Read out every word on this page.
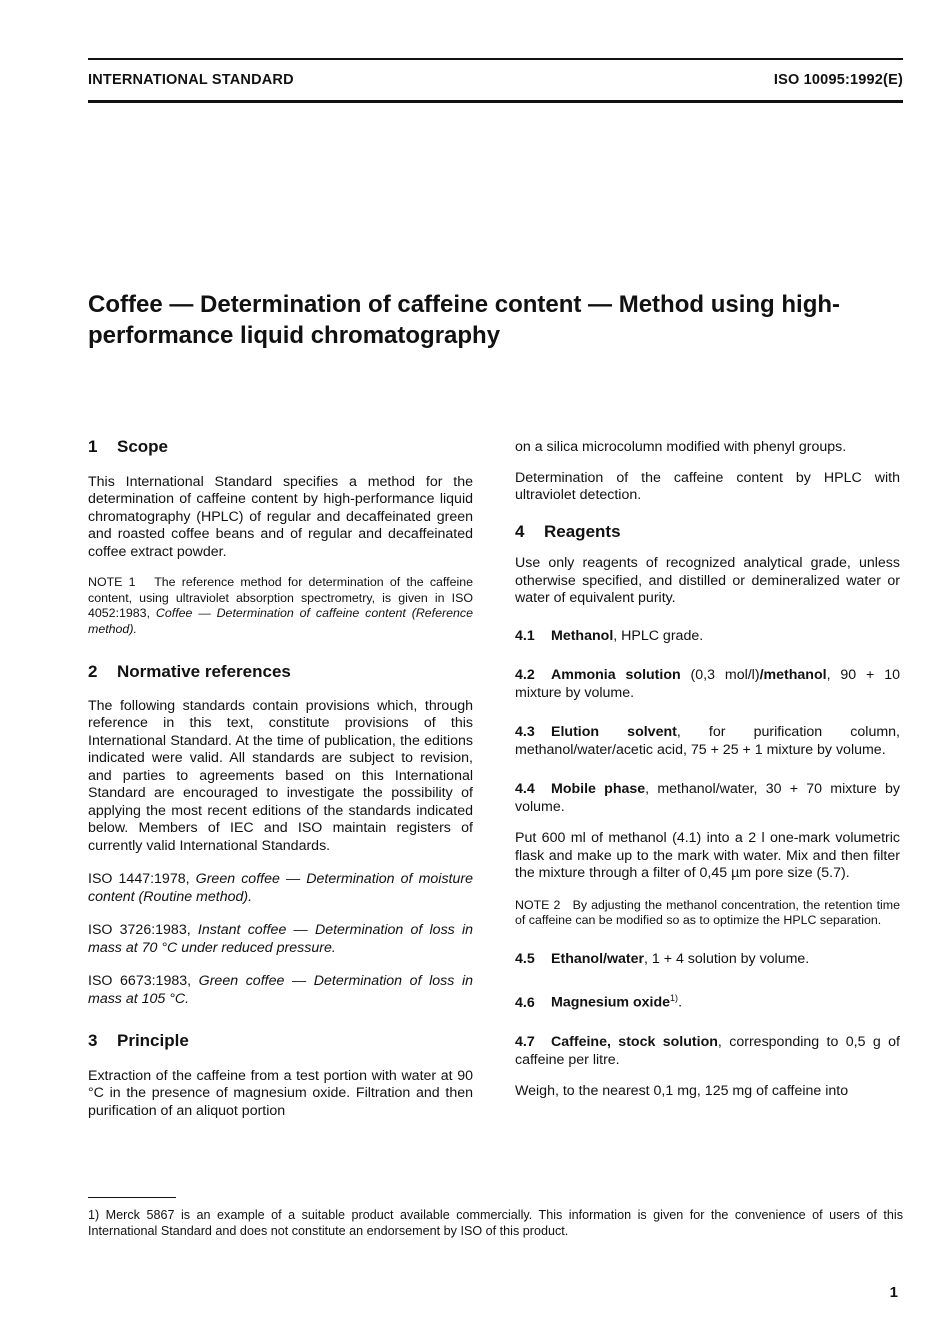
INTERNATIONAL STANDARD	ISO 10095:1992(E)
Coffee — Determination of caffeine content — Method using high-performance liquid chromatography
1 Scope

This International Standard specifies a method for the determination of caffeine content by high-performance liquid chromatography (HPLC) of regular and decaffeinated green and roasted coffee beans and of regular and decaffeinated coffee extract powder.

NOTE 1 The reference method for determination of the caffeine content, using ultraviolet absorption spectrometry, is given in ISO 4052:1983, Coffee — Determination of caffeine content (Reference method).

2 Normative references

The following standards contain provisions which, through reference in this text, constitute provisions of this International Standard. At the time of publication, the editions indicated were valid. All standards are subject to revision, and parties to agreements based on this International Standard are encouraged to investigate the possibility of applying the most recent editions of the standards indicated below. Members of IEC and ISO maintain registers of currently valid International Standards.

ISO 1447:1978, Green coffee — Determination of moisture content (Routine method).

ISO 3726:1983, Instant coffee — Determination of loss in mass at 70 °C under reduced pressure.

ISO 6673:1983, Green coffee — Determination of loss in mass at 105 °C.

3 Principle

Extraction of the caffeine from a test portion with water at 90 °C in the presence of magnesium oxide. Filtration and then purification of an aliquot portion

on a silica microcolumn modified with phenyl groups.

Determination of the caffeine content by HPLC with ultraviolet detection.

4 Reagents

Use only reagents of recognized analytical grade, unless otherwise specified, and distilled or demineralized water or water of equivalent purity.

4.1 Methanol, HPLC grade.

4.2 Ammonia solution (0,3 mol/l)/methanol, 90 + 10 mixture by volume.

4.3 Elution solvent, for purification column, methanol/water/acetic acid, 75 + 25 + 1 mixture by volume.

4.4 Mobile phase, methanol/water, 30 + 70 mixture by volume.

Put 600 ml of methanol (4.1) into a 2 l one-mark volumetric flask and make up to the mark with water. Mix and then filter the mixture through a filter of 0,45 µm pore size (5.7).

NOTE 2 By adjusting the methanol concentration, the retention time of caffeine can be modified so as to optimize the HPLC separation.

4.5 Ethanol/water, 1 + 4 solution by volume.

4.6 Magnesium oxide$^{1)}$.

4.7 Caffeine, stock solution, corresponding to 0,5 g of caffeine per litre.

Weigh, to the nearest 0,1 mg, 125 mg of caffeine into

1) Merck 5867 is an example of a suitable product available commercially. This information is given for the convenience of users of this International Standard and does not constitute an endorsement by ISO of this product.
1
